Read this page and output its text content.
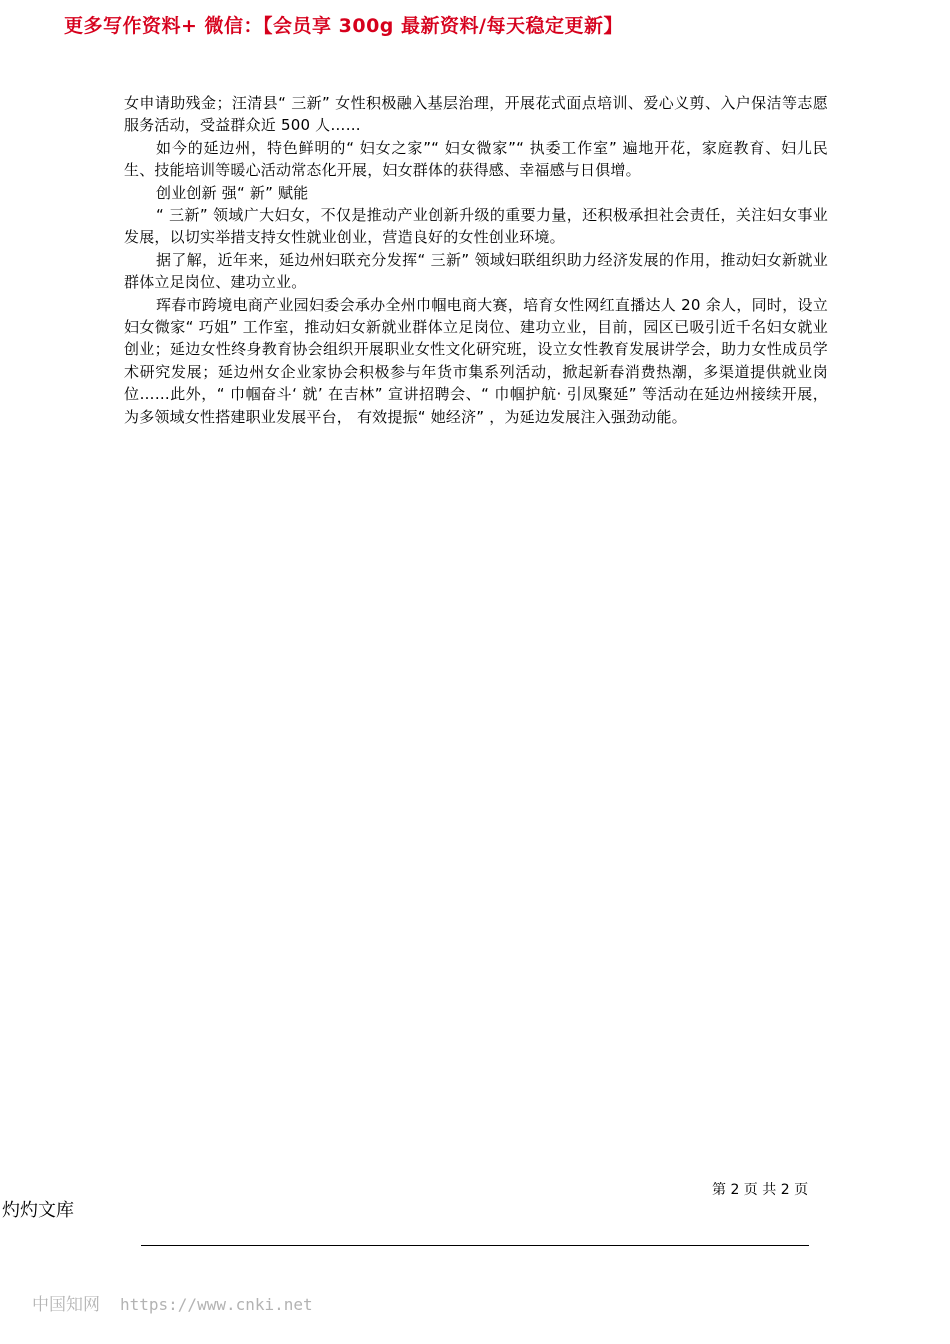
更多写作资料+ 微信：【会员享 300g 最新资料/每天稳定更新】

女申请助残金；汪清县“ 三新” 女性积极融入基层治理，开展花式面点培训、爱心义剪、入户保洁等志愿服务活动，受益群众近 500 人……

如今的延边州，特色鲜明的“ 妇女之家”“ 妇女微家”“ 执委工作室” 遍地开花，家庭教育、妇儿民生、技能培训等暖心活动常态化开展，妇女群体的获得感、幸福感与日俱增。

创业创新 强“ 新” 赋能

“ 三新” 领域广大妇女，不仅是推动产业创新升级的重要力量，还积极承担社会责任，关注妇女事业发展，以切实举措支持女性就业创业，营造良好的女性创业环境。

据了解，近年来，延边州妇联充分发挥“ 三新” 领域妇联组织助力经济发展的作用，推动妇女新就业群体立足岗位、建功立业。

珲春市跨境电商产业园妇委会承办全州巾帼电商大赛，培育女性网红直播达人 20 余人，同时，设立妇女微家“ 巧姐” 工作室，推动妇女新就业群体立足岗位、建功立业，目前，园区已吸引近千名妇女就业创业；延边女性终身教育协会组织开展职业女性文化研究班，设立女性教育发展讲学会，助力女性成员学术研究发展；延边州女企业家协会积极参与年货市集系列活动，掀起新春消费热潮，多渠道提供就业岗位……此外，“ 巾帼奋斗‘ 就’ 在吉林” 宣讲招聘会、“ 巾帼护航· 引凤聚延” 等活动在延边州接续开展， 为多领域女性搭建职业发展平台， 有效提振“ 她经济” ，为延边发展注入强劲动能。

第 2 页 共 2 页
灼灼文库
中国知网 https://www.cnki.net
